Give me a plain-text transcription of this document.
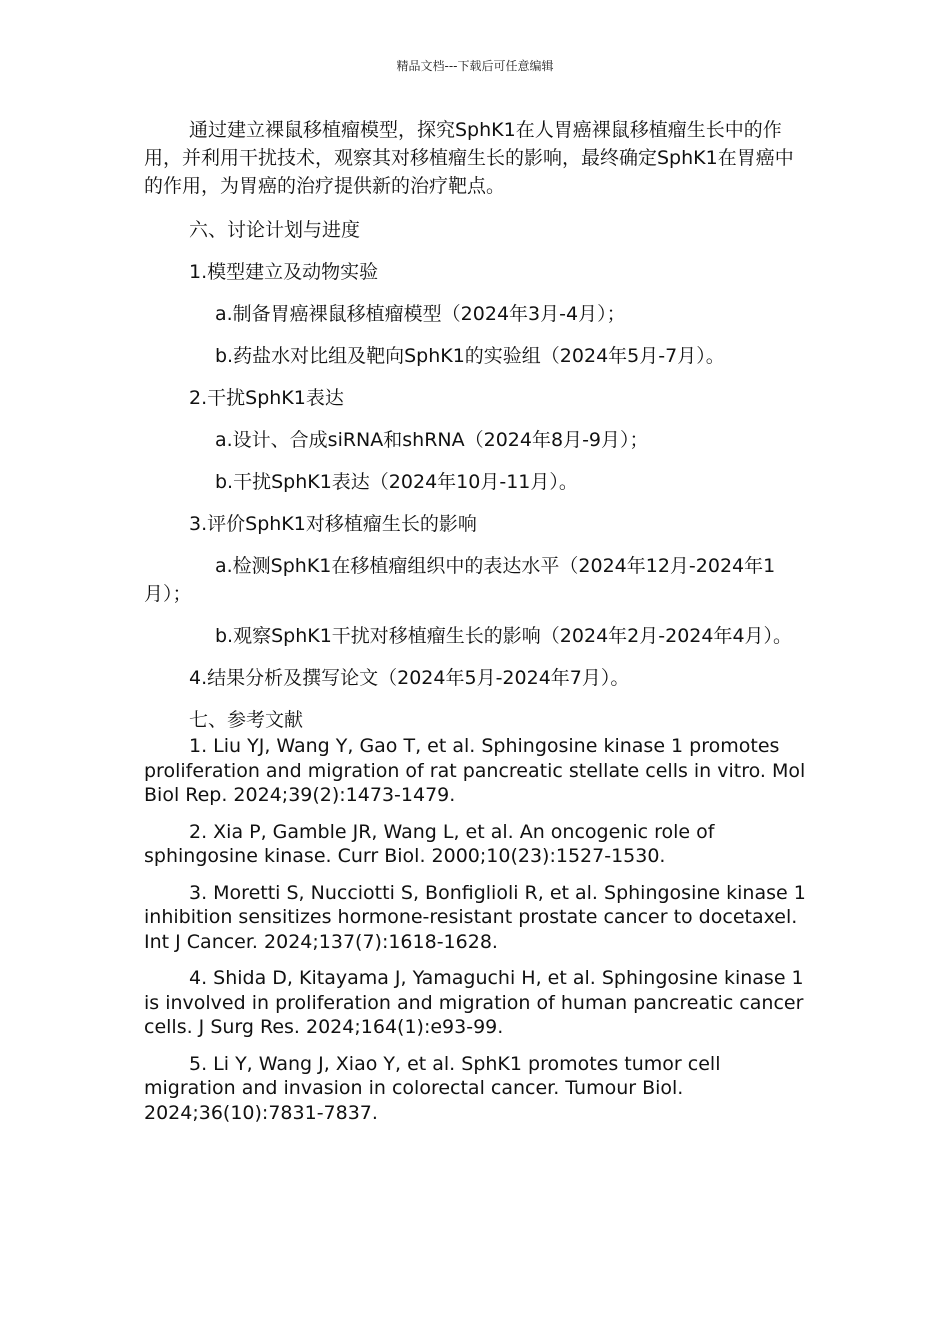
精品文档---下载后可任意编辑

通过建立裸鼠移植瘤模型，探究SphK1在人胃癌裸鼠移植瘤生长中的作用，并利用干扰技术，观察其对移植瘤生长的影响，最终确定SphK1在胃癌中的作用，为胃癌的治疗提供新的治疗靶点。

六、讨论计划与进度

1.模型建立及动物实验

a.制备胃癌裸鼠移植瘤模型（2024年3月-4月）；

b.药盐水对比组及靶向SphK1的实验组（2024年5月-7月）。

2.干扰SphK1表达

a.设计、合成siRNA和shRNA（2024年8月-9月）；

b.干扰SphK1表达（2024年10月-11月）。

3.评价SphK1对移植瘤生长的影响

a.检测SphK1在移植瘤组织中的表达水平（2024年12月-2024年1月）；

b.观察SphK1干扰对移植瘤生长的影响（2024年2月-2024年4月）。

4.结果分析及撰写论文（2024年5月-2024年7月）。

七、参考文献

1. Liu YJ, Wang Y, Gao T, et al. Sphingosine kinase 1 promotes proliferation and migration of rat pancreatic stellate cells in vitro. Mol Biol Rep. 2024;39(2):1473-1479.

2. Xia P, Gamble JR, Wang L, et al. An oncogenic role of sphingosine kinase. Curr Biol. 2000;10(23):1527-1530.

3. Moretti S, Nucciotti S, Bonfiglioli R, et al. Sphingosine kinase 1 inhibition sensitizes hormone-resistant prostate cancer to docetaxel. Int J Cancer. 2024;137(7):1618-1628.

4. Shida D, Kitayama J, Yamaguchi H, et al. Sphingosine kinase 1 is involved in proliferation and migration of human pancreatic cancer cells. J Surg Res. 2024;164(1):e93-99.

5. Li Y, Wang J, Xiao Y, et al. SphK1 promotes tumor cell migration and invasion in colorectal cancer. Tumour Biol. 2024;36(10):7831-7837.
